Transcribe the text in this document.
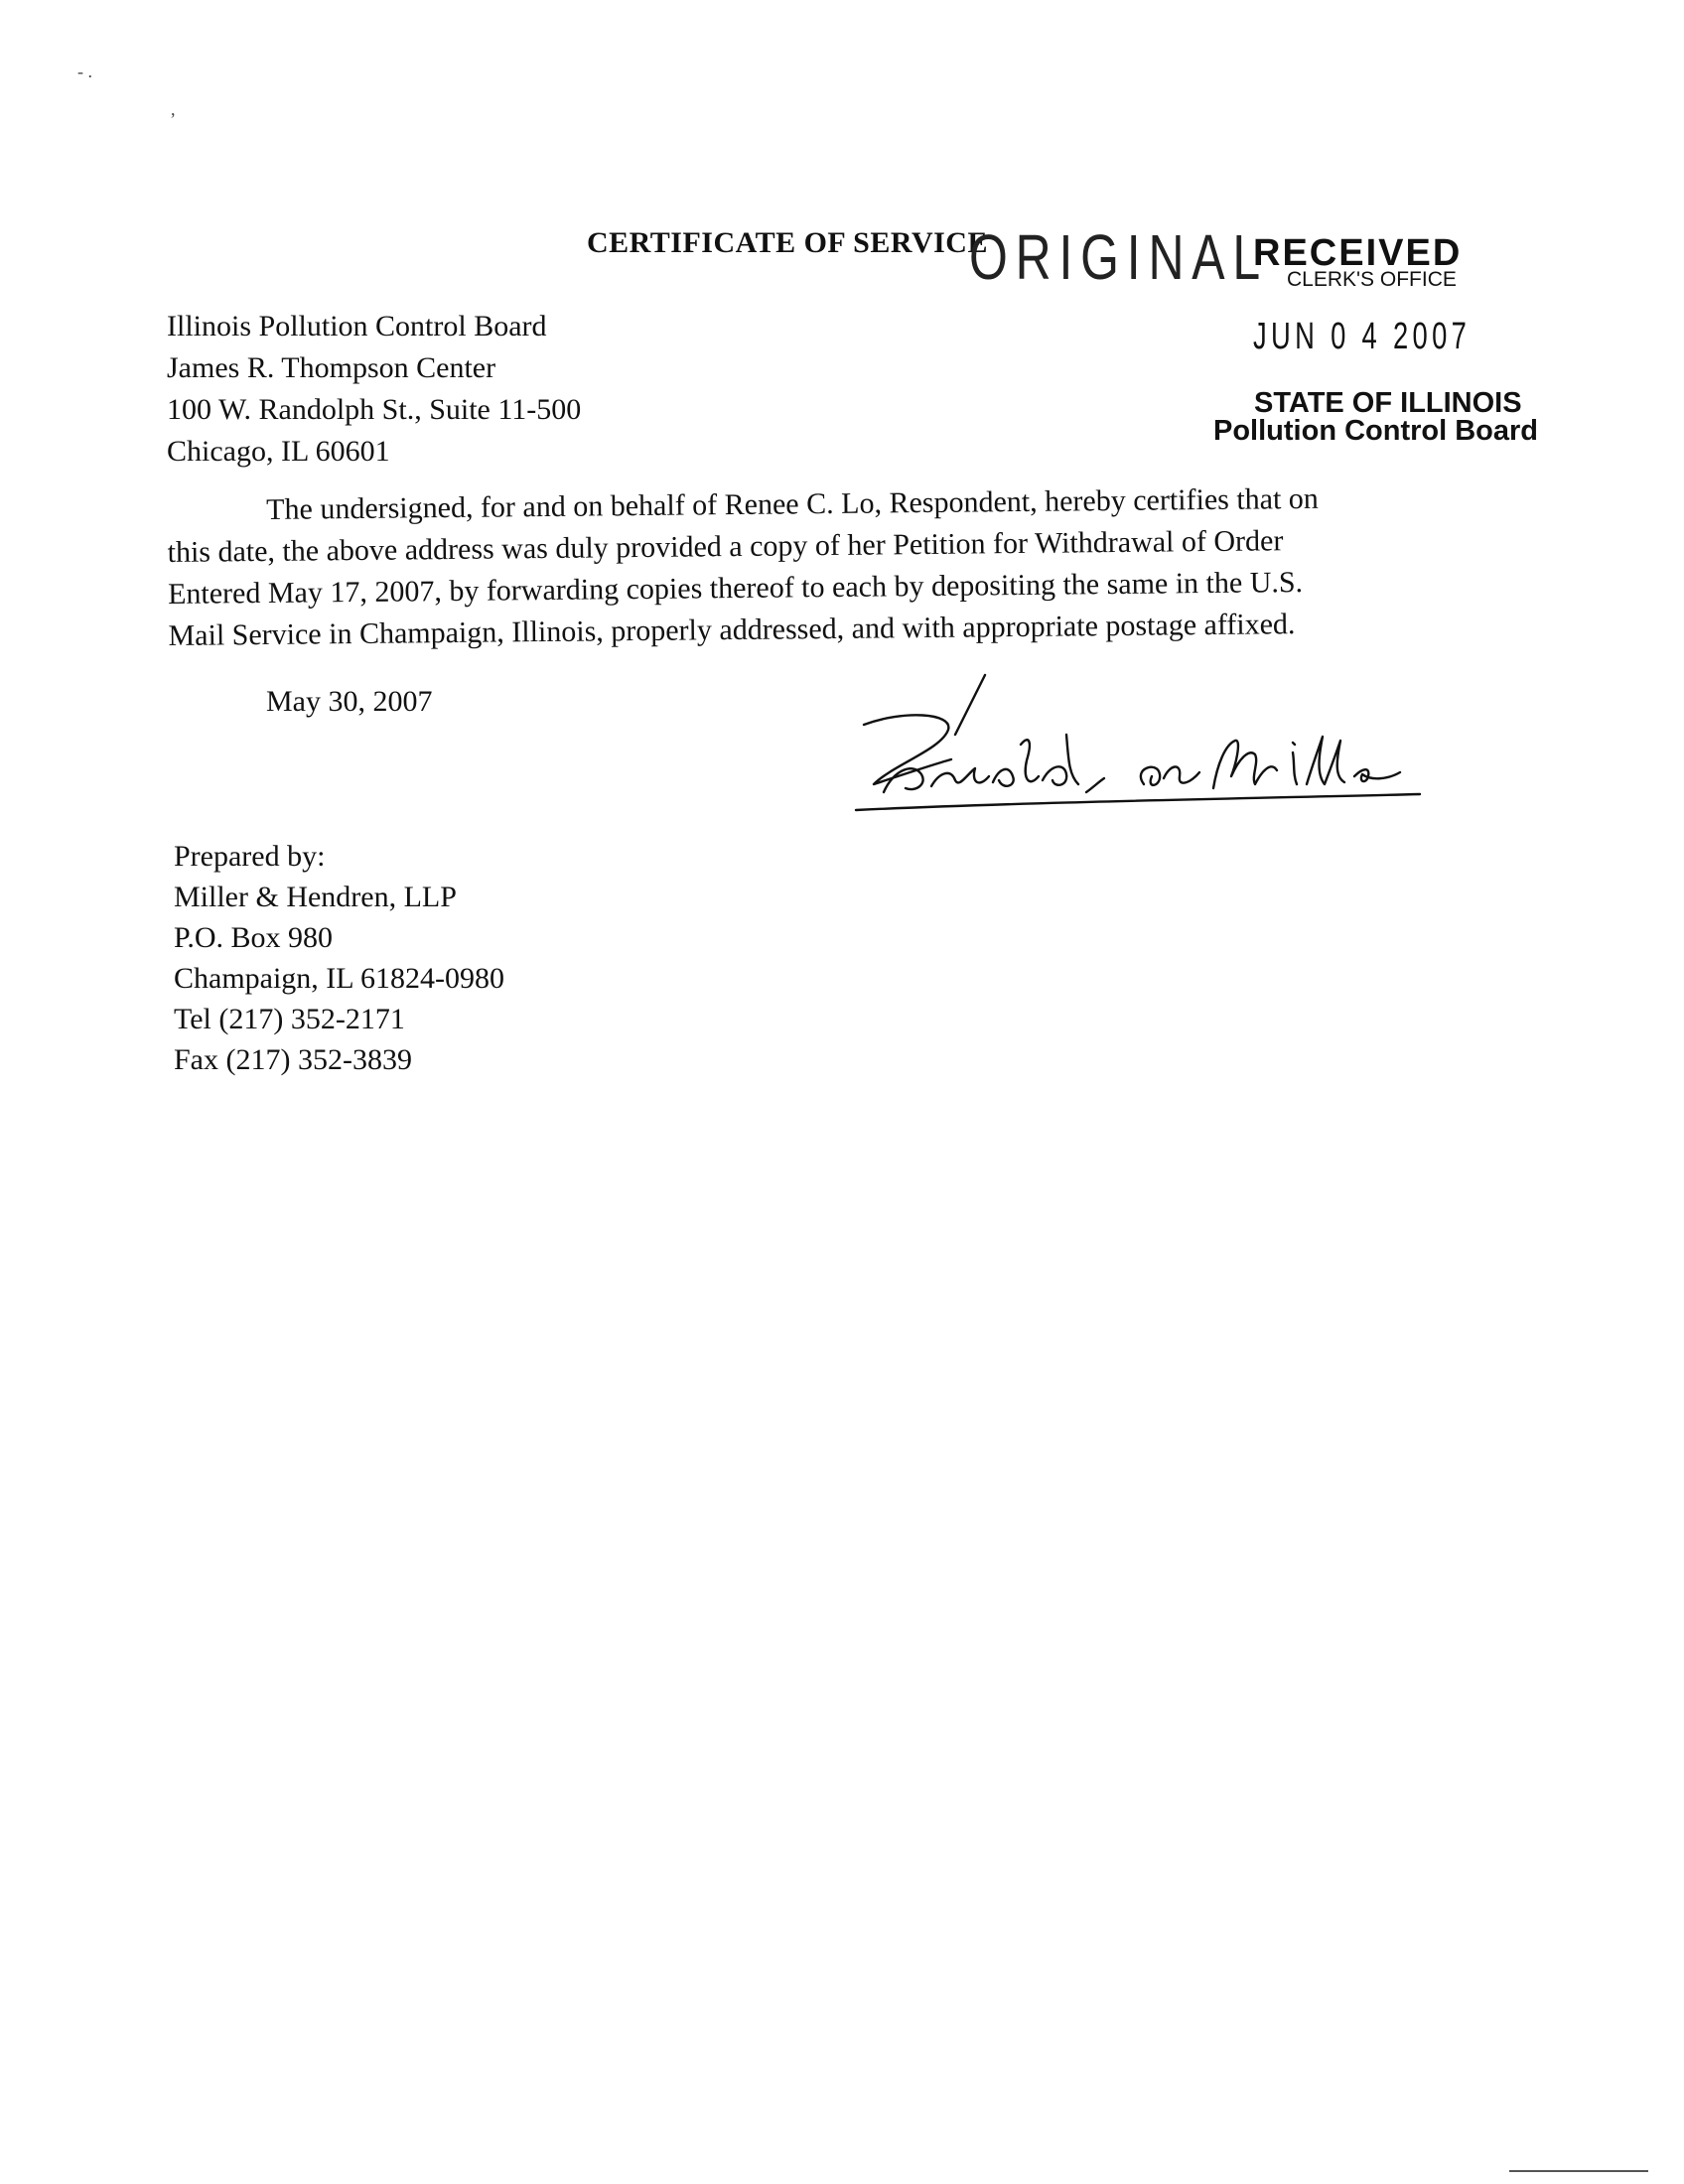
- .
,
CERTIFICATE OF SERVICE
ORIGINAL
RECEIVED
CLERK'S OFFICE
JUN 0 4 2007
STATE OF ILLINOIS
Pollution Control Board
Illinois Pollution Control Board
James R. Thompson Center
100 W. Randolph St., Suite 11-500
Chicago, IL 60601
The undersigned, for and on behalf of Renee C. Lo, Respondent, hereby certifies that on
this date, the above address was duly provided a copy of her Petition for Withdrawal of Order
Entered May 17, 2007, by forwarding copies thereof to each by depositing the same in the U.S.
Mail Service in Champaign, Illinois, properly addressed, and with appropriate postage affixed.
May 30, 2007
Prepared by:
Miller & Hendren, LLP
P.O. Box 980
Champaign, IL 61824-0980
Tel (217) 352-2171
Fax (217) 352-3839
